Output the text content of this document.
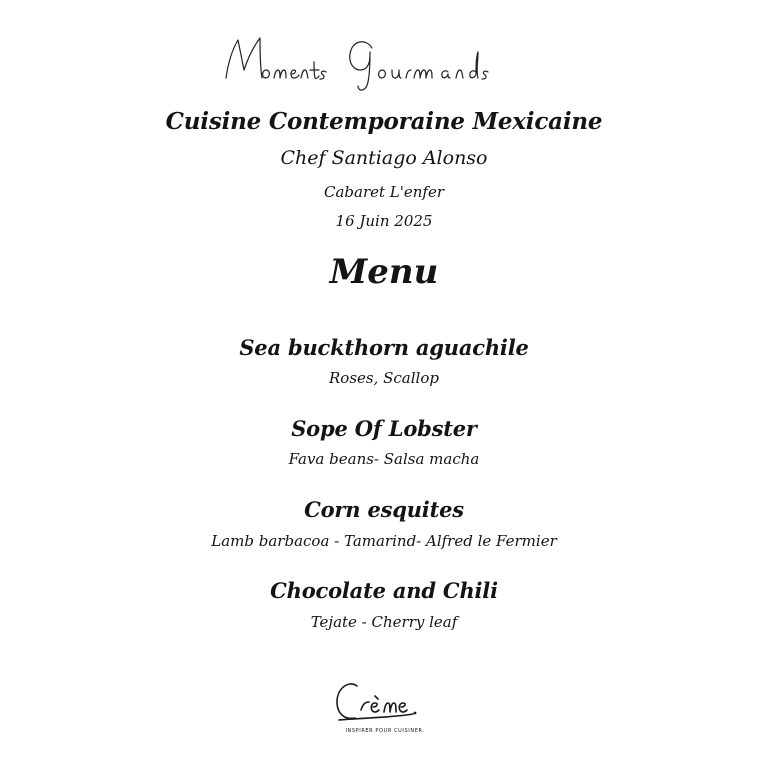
Cuisine Contemporaine Mexicaine
Chef Santiago Alonso
Cabaret L'enfer
16 Juin 2025
Menu
Sea buckthorn aguachile
Roses, Scallop
Sope Of Lobster
Fava beans- Salsa macha
Corn esquites
Lamb barbacoa - Tamarind- Alfred le Fermier
Chocolate and Chili
Tejate - Cherry leaf
INSPIRER POUR CUISINER
